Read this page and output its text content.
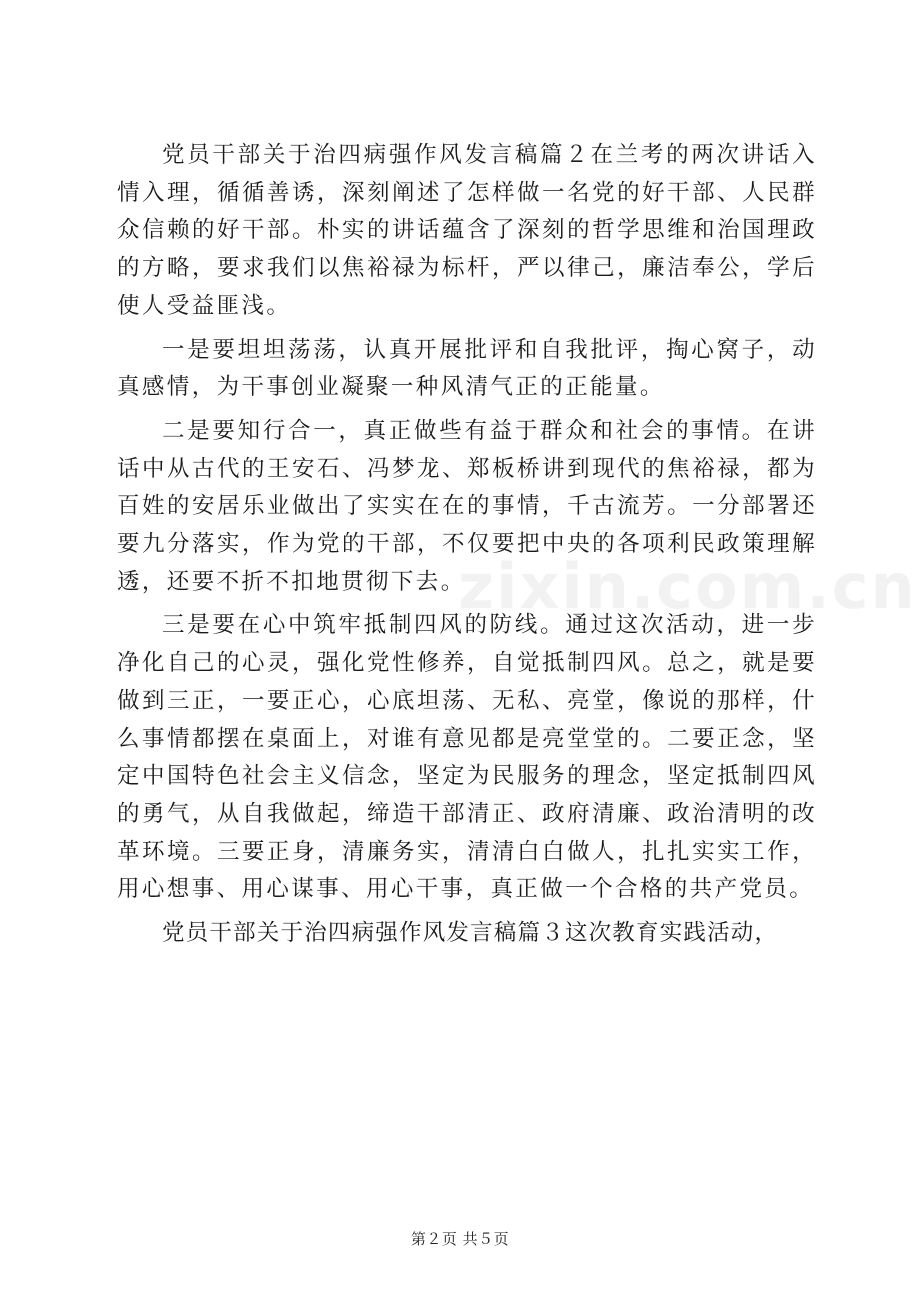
党员干部关于治四病强作风发言稿篇２在兰考的两次讲话入情入理，循循善诱，深刻阐述了怎样做一名党的好干部、人民群众信赖的好干部。朴实的讲话蕴含了深刻的哲学思维和治国理政的方略，要求我们以焦裕禄为标杆，严以律己，廉洁奉公，学后使人受益匪浅。

一是要坦坦荡荡，认真开展批评和自我批评，掏心窝子，动真感情，为干事创业凝聚一种风清气正的正能量。

二是要知行合一，真正做些有益于群众和社会的事情。在讲话中从古代的王安石、冯梦龙、郑板桥讲到现代的焦裕禄，都为百姓的安居乐业做出了实实在在的事情，千古流芳。一分部署还要九分落实，作为党的干部，不仅要把中央的各项利民政策理解透，还要不折不扣地贯彻下去。

三是要在心中筑牢抵制四风的防线。通过这次活动，进一步净化自己的心灵，强化党性修养，自觉抵制四风。总之，就是要做到三正，一要正心，心底坦荡、无私、亮堂，像说的那样，什么事情都摆在桌面上，对谁有意见都是亮堂堂的。二要正念，坚定中国特色社会主义信念，坚定为民服务的理念，坚定抵制四风的勇气，从自我做起，缔造干部清正、政府清廉、政治清明的改革环境。三要正身，清廉务实，清清白白做人，扎扎实实工作，用心想事、用心谋事、用心干事，真正做一个合格的共产党员。

党员干部关于治四病强作风发言稿篇３这次教育实践活动，

zixin.com.cn
第２页 共５页
